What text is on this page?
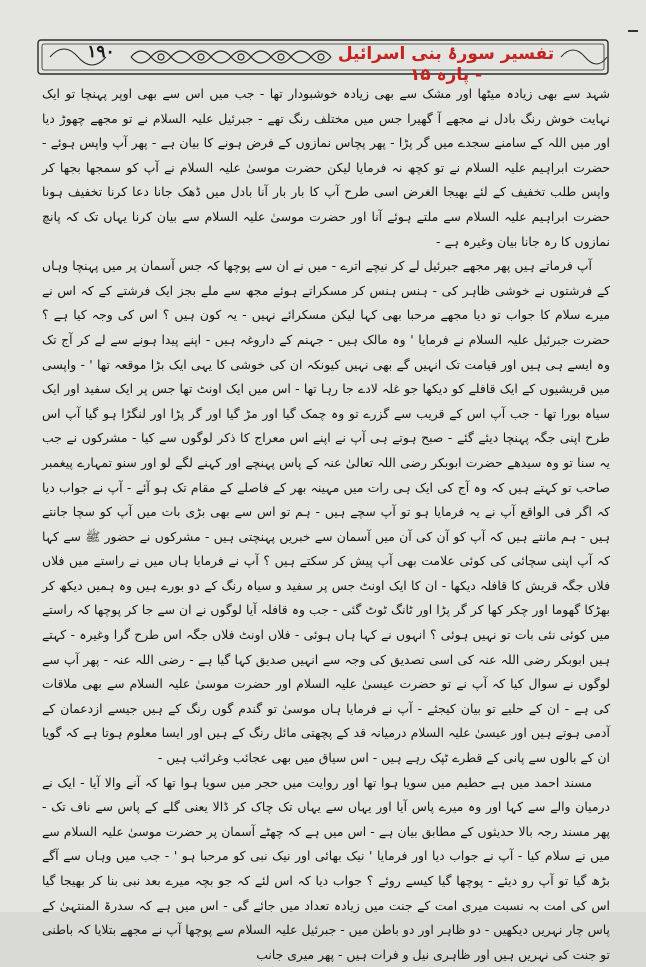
۱۹۰	تفسیر سورۂ بنی اسرائیل - پارہ ۱۵

شہد سے بھی زیادہ میٹھا اور مشک سے بھی زیادہ خوشبودار تھا - جب میں اس سے بھی اوپر پہنچا تو ایک نہایت خوش رنگ بادل نے مجھے آ گھیرا جس میں مختلف رنگ تھے - جبرئیل علیہ السلام نے تو مجھے چھوڑ دیا اور میں اللہ کے سامنے سجدے میں گر پڑا - پھر پچاس نمازوں کے فرض ہونے کا بیان ہے - پھر آپ واپس ہوئے - حضرت ابراہیم علیہ السلام نے تو کچھ نہ فرمایا لیکن حضرت موسیٰ علیہ السلام نے آپ کو سمجھا بجھا کر واپس طلب تخفیف کے لئے بھیجا الغرض اسی طرح آپ کا بار بار آنا بادل میں ڈھک جانا دعا کرنا تخفیف ہونا حضرت ابراہیم علیہ السلام سے ملتے ہوئے آنا اور حضرت موسیٰ علیہ السلام سے بیان کرنا یہاں تک کہ پانچ نمازوں کا رہ جانا بیان وغیرہ ہے -

آپ فرماتے ہیں پھر مجھے جبرئیل لے کر نیچے اترے - میں نے ان سے پوچھا کہ جس آسمان پر میں پہنچا وہاں کے فرشتوں نے خوشی ظاہر کی - ہنس ہنس کر مسکراتے ہوئے مجھ سے ملے بجز ایک فرشتے کے کہ اس نے میرے سلام کا جواب تو دیا مجھے مرحبا بھی کہا لیکن مسکرائے نہیں - یہ کون ہیں ؟ اس کی وجہ کیا ہے ؟ حضرت جبرئیل علیہ السلام نے فرمایا ' وہ مالک ہیں - جہنم کے داروغہ ہیں - اپنے پیدا ہونے سے لے کر آج تک وہ ایسے ہی ہیں اور قیامت تک انہیں گے بھی نہیں کیونکہ ان کی خوشی کا یہی ایک بڑا موقعہ تھا ' - واپسی میں قریشیوں کے ایک قافلے کو دیکھا جو غلہ لادے جا رہا تھا - اس میں ایک اونٹ تھا جس پر ایک سفید اور ایک سیاہ بورا تھا - جب آپ اس کے قریب سے گزرے تو وہ چمک گیا اور مڑ گیا اور گر پڑا اور لنگڑا ہو گیا آپ اس طرح اپنی جگہ پہنچا دیئے گئے - صبح ہوتے ہی آپ نے اپنے اس معراج کا ذکر لوگوں سے کیا - مشرکوں نے جب یہ سنا تو وہ سیدھے حضرت ابوبکر رضی اللہ تعالیٰ عنہ کے پاس پہنچے اور کہنے لگے لو اور سنو تمہارے پیغمبر صاحب تو کہتے ہیں کہ وہ آج کی ایک ہی رات میں مہینہ بھر کے فاصلے کے مقام تک ہو آئے - آپ نے جواب دیا کہ اگر فی الواقع آپ نے یہ فرمایا ہو تو آپ سچے ہیں - ہم تو اس سے بھی بڑی بات میں آپ کو سچا جانتے ہیں - ہم مانتے ہیں کہ آپ کو آن کی آن میں آسمان سے خبریں پہنچتی ہیں - مشرکوں نے حضور ﷺ سے کہا کہ آپ اپنی سچائی کی کوئی علامت بھی آپ پیش کر سکتے ہیں ؟ آپ نے فرمایا ہاں میں نے راستے میں فلاں فلاں جگہ قریش کا قافلہ دیکھا - ان کا ایک اونٹ جس پر سفید و سیاہ رنگ کے دو بورے ہیں وہ ہمیں دیکھ کر بھڑکا گھوما اور چکر کھا کر گر پڑا اور ٹانگ ٹوٹ گئی - جب وہ قافلہ آیا لوگوں نے ان سے جا کر پوچھا کہ راستے میں کوئی نئی بات تو نہیں ہوئی ؟ انہوں نے کہا ہاں ہوئی - فلاں اونٹ فلاں جگہ اس طرح گرا وغیرہ - کہتے ہیں ابوبکر رضی اللہ عنہ کی اسی تصدیق کی وجہ سے انہیں صدیق کہا گیا ہے - رضی اللہ عنہ - پھر آپ سے لوگوں نے سوال کیا کہ آپ نے تو حضرت عیسیٰ علیہ السلام اور حضرت موسیٰ علیہ السلام سے بھی ملاقات کی ہے - ان کے حلیے تو بیان کیجئے - آپ نے فرمایا ہاں موسیٰ تو گندم گوں رنگ کے ہیں جیسے ازدعمان کے آدمی ہوتے ہیں اور عیسیٰ علیہ السلام درمیانہ قد کے پچھتی مائل رنگ کے ہیں اور ایسا معلوم ہوتا ہے کہ گویا ان کے بالوں سے پانی کے قطرے ٹپک رہے ہیں - اس سیاق میں بھی عجائب وغرائب ہیں -

مسند احمد میں ہے حطیم میں سویا ہوا تھا اور روایت میں حجر میں سویا ہوا تھا کہ آنے والا آیا - ایک نے درمیان والے سے کہا اور وہ میرے پاس آیا اور یہاں سے یہاں تک چاک کر ڈالا یعنی گلے کے پاس سے ناف تک - پھر مسند رجہ بالا حدیثوں کے مطابق بیان ہے - اس میں ہے کہ چھٹے آسمان پر حضرت موسیٰ علیہ السلام سے میں نے سلام کیا - آپ نے جواب دیا اور فرمایا ' نیک بھائی اور نیک نبی کو مرحبا ہو ' - جب میں وہاں سے آگے بڑھ گیا تو آپ رو دیئے - پوچھا گیا کیسے روئے ؟ جواب دیا کہ اس لئے کہ جو بچہ میرے بعد نبی بنا کر بھیجا گیا اس کی امت بہ نسبت میری امت کے جنت میں زیادہ تعداد میں جائے گی - اس میں ہے کہ سدرۃ المنتہیٰ کے پاس چار نہریں دیکھیں - دو ظاہر اور دو باطن میں - جبرئیل علیہ السلام سے پوچھا آپ نے مجھے بتلایا کہ باطنی تو جنت کی نہریں ہیں اور ظاہری نیل و فرات ہیں - پھر میری جانب
